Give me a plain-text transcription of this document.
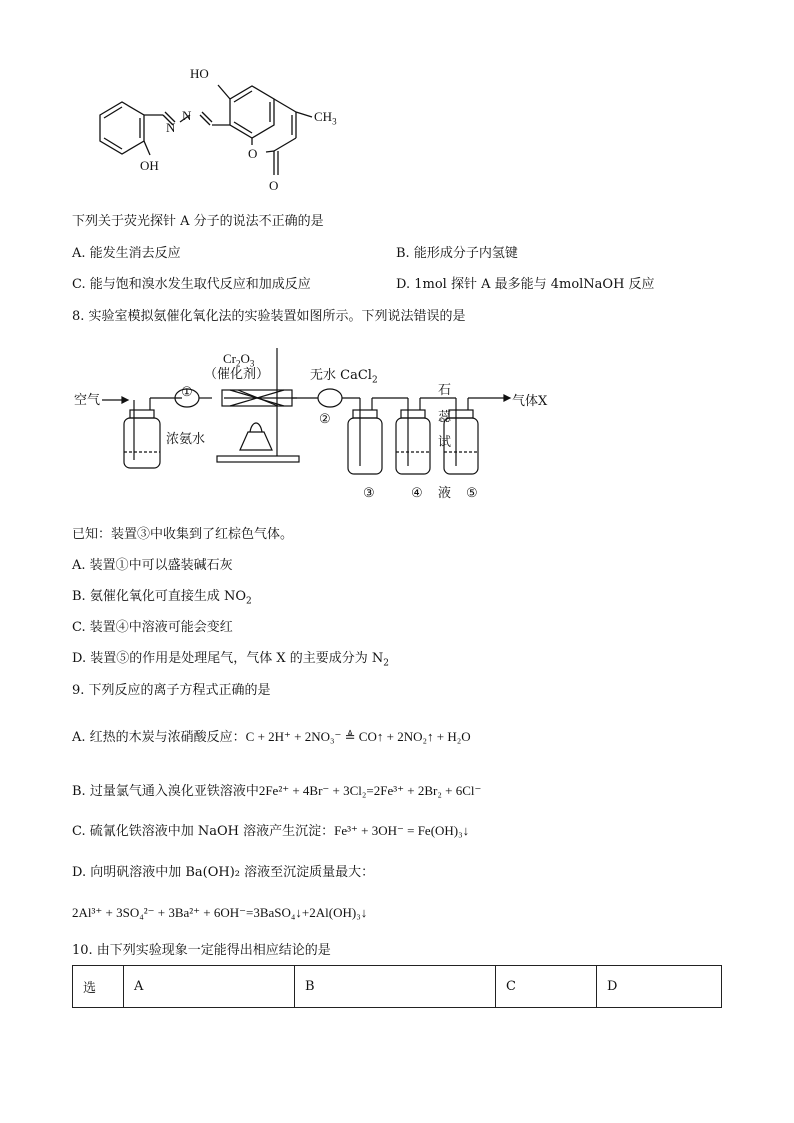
HO
OH
N
N	$CH_3$
O
O
下列关于荧光探针 A 分子的说法不正确的是
A. 能发生消去反应	B. 能形成分子内氢键
C. 能与饱和溴水发生取代反应和加成反应	D. 1mol 探针 A 最多能与 4molNaOH 反应
8. 实验室模拟氨催化氧化法的实验装置如图所示。下列说法错误的是
空气
浓氨水
$Cr_2O_3$
（催化剂）	无水 CaCl$_2$
气体X
①
②
石
蕊
试
液
③	④	⑤
已知：装置③中收集到了红棕色气体。
A. 装置①中可以盛装碱石灰
B. 氨催化氧化可直接生成 $NO_2$
C. 装置④中溶液可能会变红
D. 装置⑤的作用是处理尾气，气体 X 的主要成分为 $N_2$
9. 下列反应的离子方程式正确的是
A. 红热的木炭与浓硝酸反应：C + 2H⁺ + 2NO₃⁻ ≜ CO↑ + 2NO₂↑ + H₂O
B. 过量氯气通入溴化亚铁溶液中2Fe²⁺ + 4Br⁻ + 3Cl₂=2Fe³⁺ + 2Br₂ + 6Cl⁻
C. 硫氰化铁溶液中加 NaOH 溶液产生沉淀：Fe³⁺ + 3OH⁻ = Fe(OH)₃↓
D. 向明矾溶液中加 Ba(OH)₂ 溶液至沉淀质量最大：
2Al³⁺ + 3SO₄²⁻ + 3Ba²⁺ + 6OH⁻=3BaSO₄↓+2Al(OH)₃↓
10. 由下列实验现象一定能得出相应结论的是
选	A	B	C	D
